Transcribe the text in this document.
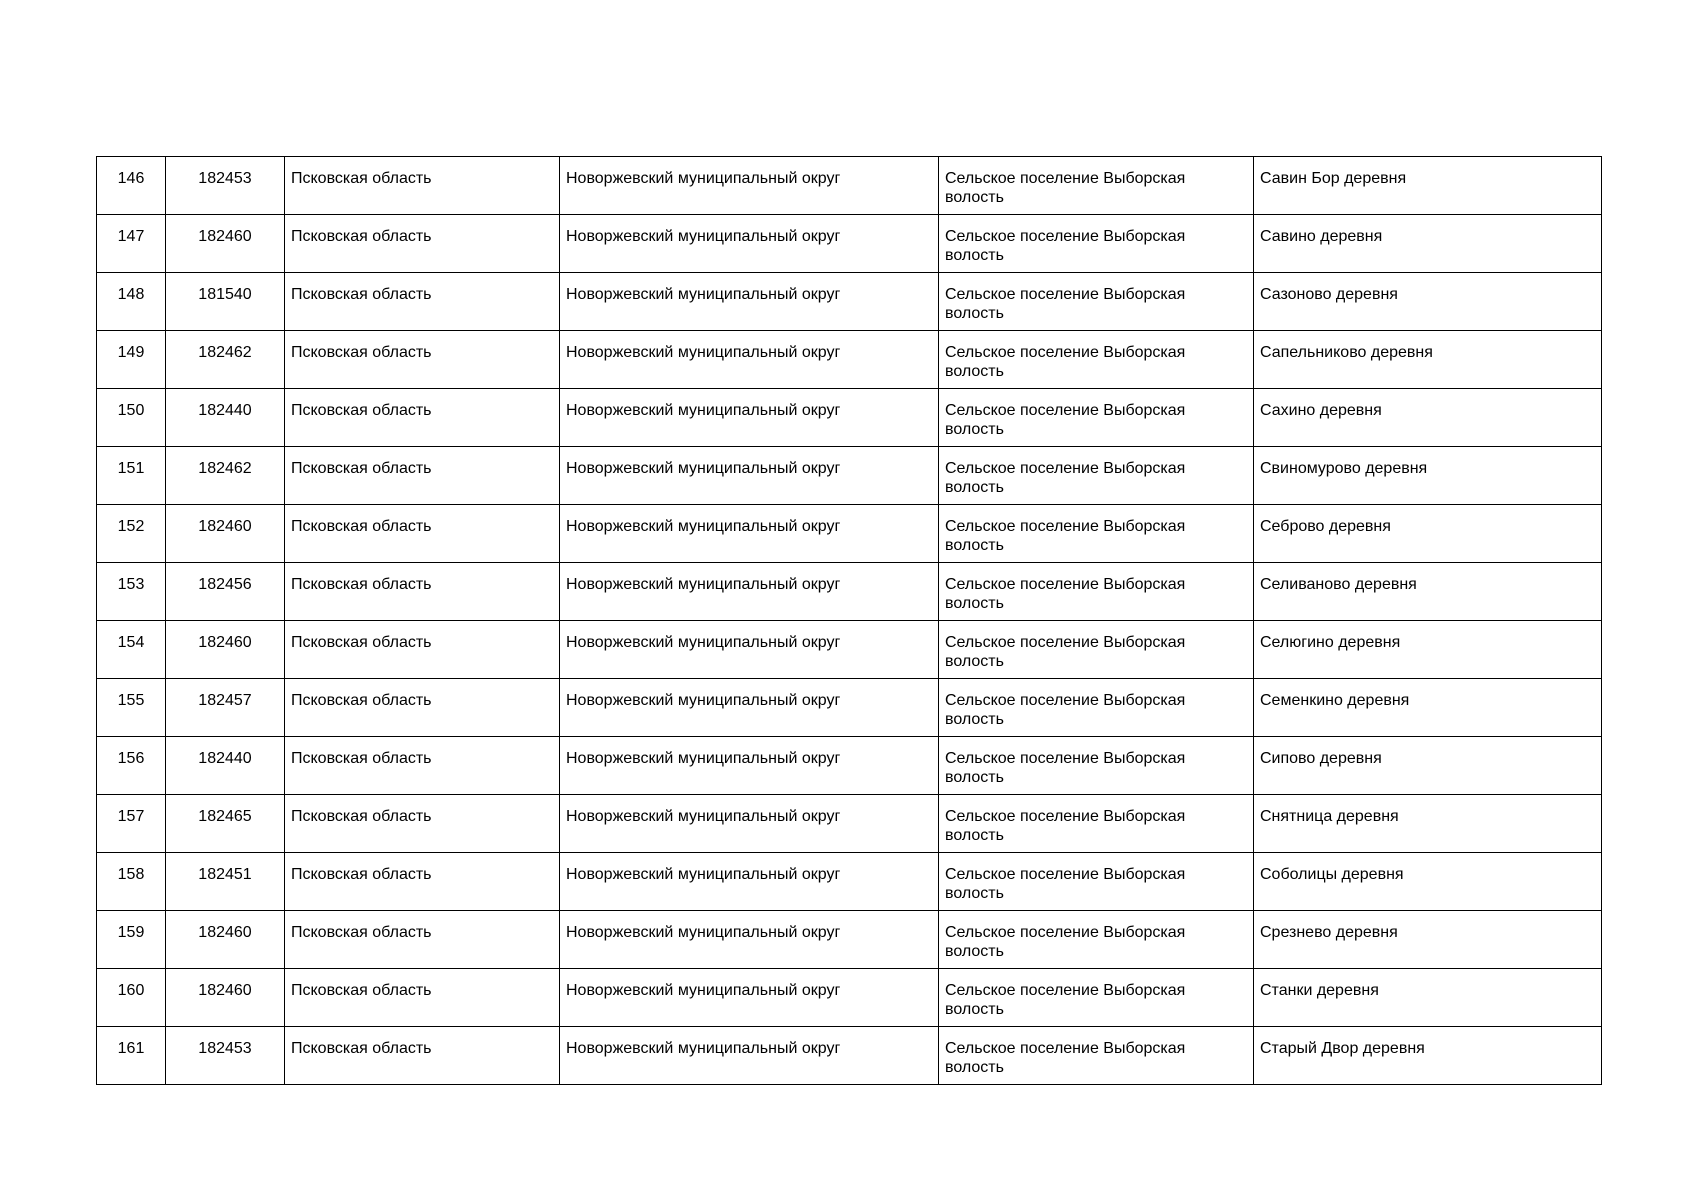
146	182453	Псковская область	Новоржевский муниципальный округ	Сельское поселение Выборская волость	Савин Бор деревня
147	182460	Псковская область	Новоржевский муниципальный округ	Сельское поселение Выборская волость	Савино деревня
148	181540	Псковская область	Новоржевский муниципальный округ	Сельское поселение Выборская волость	Сазоново деревня
149	182462	Псковская область	Новоржевский муниципальный округ	Сельское поселение Выборская волость	Сапельниково деревня
150	182440	Псковская область	Новоржевский муниципальный округ	Сельское поселение Выборская волость	Сахино деревня
151	182462	Псковская область	Новоржевский муниципальный округ	Сельское поселение Выборская волость	Свиномурово деревня
152	182460	Псковская область	Новоржевский муниципальный округ	Сельское поселение Выборская волость	Себрово деревня
153	182456	Псковская область	Новоржевский муниципальный округ	Сельское поселение Выборская волость	Селиваново деревня
154	182460	Псковская область	Новоржевский муниципальный округ	Сельское поселение Выборская волость	Селюгино деревня
155	182457	Псковская область	Новоржевский муниципальный округ	Сельское поселение Выборская волость	Семенкино деревня
156	182440	Псковская область	Новоржевский муниципальный округ	Сельское поселение Выборская волость	Сипово деревня
157	182465	Псковская область	Новоржевский муниципальный округ	Сельское поселение Выборская волость	Снятница деревня
158	182451	Псковская область	Новоржевский муниципальный округ	Сельское поселение Выборская волость	Соболицы деревня
159	182460	Псковская область	Новоржевский муниципальный округ	Сельское поселение Выборская волость	Срезнево деревня
160	182460	Псковская область	Новоржевский муниципальный округ	Сельское поселение Выборская волость	Станки деревня
161	182453	Псковская область	Новоржевский муниципальный округ	Сельское поселение Выборская волость	Старый Двор деревня
